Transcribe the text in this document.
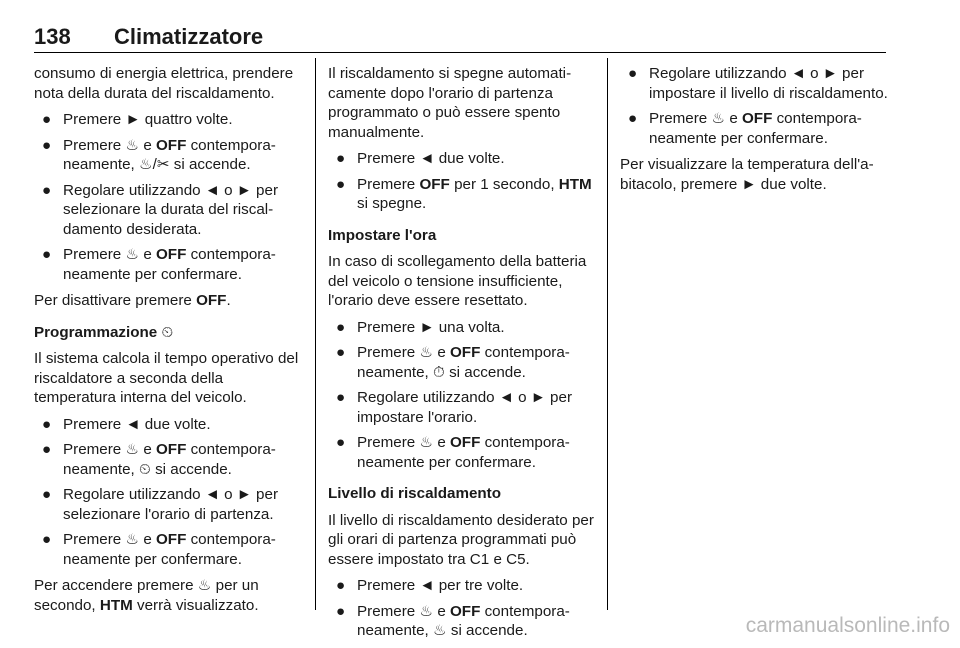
138 Climatizzatore

consumo di energia elettrica, prendere nota della durata del riscaldamento.

● Premere ► quattro volte.
● Premere ♨ e OFF contemporaneamente, ♨/✂ si accende.
● Regolare utilizzando ◄ o ► per selezionare la durata del riscaldamento desiderata.
● Premere ♨ e OFF contemporaneamente per confermare.

Per disattivare premere OFF.

Programmazione ⏲

Il sistema calcola il tempo operativo del riscaldatore a seconda della temperatura interna del veicolo.

● Premere ◄ due volte.
● Premere ♨ e OFF contemporaneamente, ⏲ si accende.
● Regolare utilizzando ◄ o ► per selezionare l'orario di partenza.
● Premere ♨ e OFF contemporaneamente per confermare.

Per accendere premere ♨ per un secondo, HTM verrà visualizzato.

Il riscaldamento si spegne automaticamente dopo l'orario di partenza programmato o può essere spento manualmente.

● Premere ◄ due volte.
● Premere OFF per 1 secondo, HTM si spegne.

Impostare l'ora

In caso di scollegamento della batteria del veicolo o tensione insufficiente, l'orario deve essere resettato.

● Premere ► una volta.
● Premere ♨ e OFF contemporaneamente, ⏱ si accende.
● Regolare utilizzando ◄ o ► per impostare l'orario.
● Premere ♨ e OFF contemporaneamente per confermare.

Livello di riscaldamento

Il livello di riscaldamento desiderato per gli orari di partenza programmati può essere impostato tra C1 e C5.

● Premere ◄ per tre volte.
● Premere ♨ e OFF contemporaneamente, ♨ si accende.
● Regolare utilizzando ◄ o ► per impostare il livello di riscaldamento.
● Premere ♨ e OFF contemporaneamente per confermare.

Per visualizzare la temperatura dell'abitacolo, premere ► due volte.

carmanualsonline.info
